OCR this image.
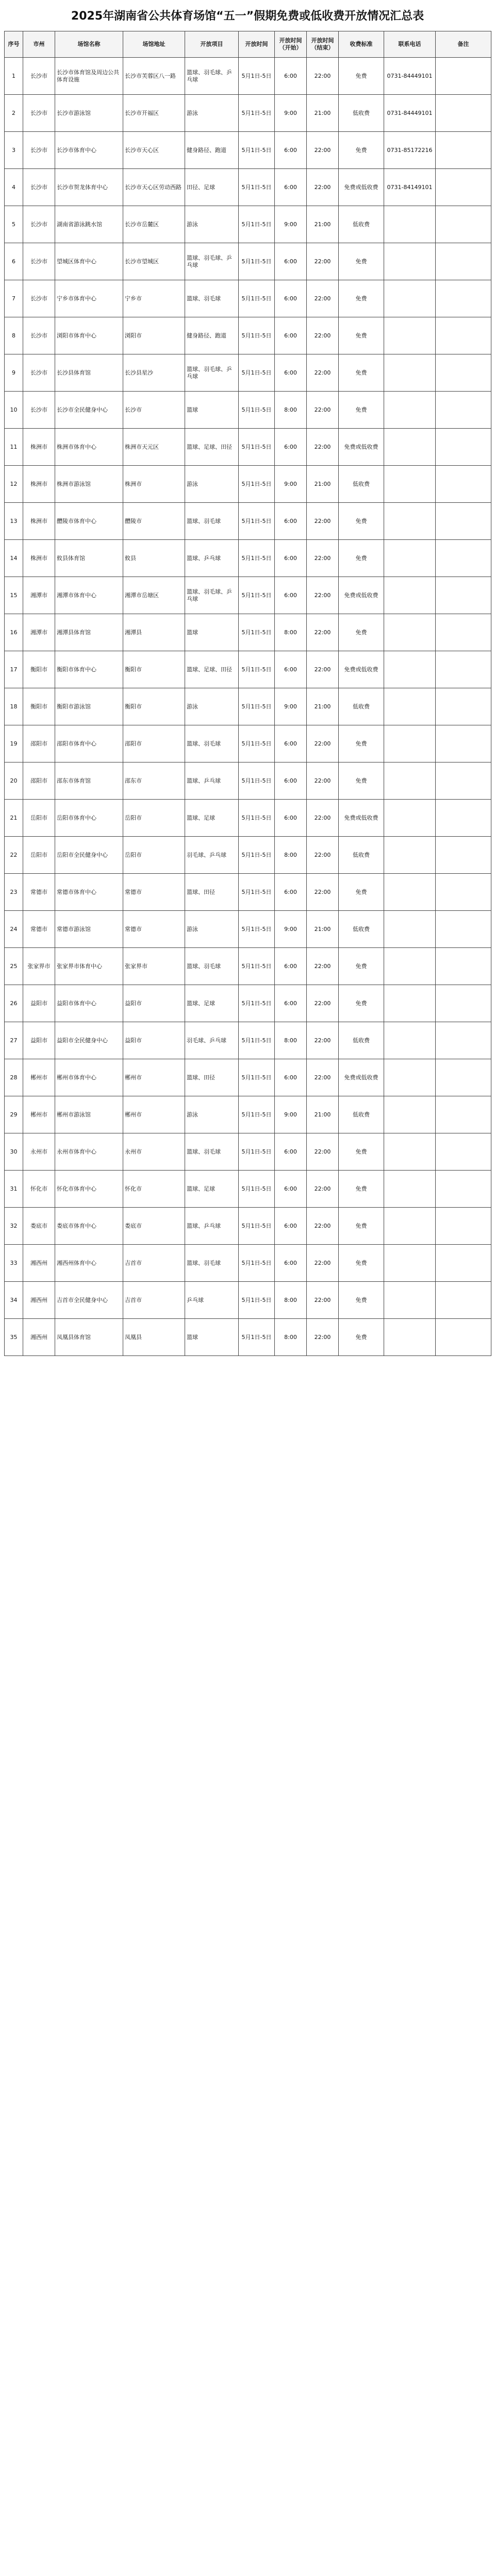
2025年湖南省公共体育场馆“五一”假期免费或低收费开放情况汇总表
序号	市州	场馆名称	场馆地址	开放项目	开放时间	开放时间（开始）	开放时间（结束）	收费标准	联系电话	备注
1	长沙市	长沙市体育馆及周边公共体育设施	长沙市芙蓉区八一路	篮球、羽毛球、乒乓球	5月1日-5日	6:00	22:00	免费	0731-84449101	
2	长沙市	长沙市游泳馆	长沙市开福区	游泳	5月1日-5日	9:00	21:00	低收费	0731-84449101	
3	长沙市	长沙市体育中心	长沙市天心区	健身路径、跑道	5月1日-5日	6:00	22:00	免费	0731-85172216	
4	长沙市	长沙市贺龙体育中心	长沙市天心区劳动西路	田径、足球	5月1日-5日	6:00	22:00	免费或低收费	0731-84149101	
5	长沙市	湖南省游泳跳水馆	长沙市岳麓区	游泳	5月1日-5日	9:00	21:00	低收费		
6	长沙市	望城区体育中心	长沙市望城区	篮球、羽毛球、乒乓球	5月1日-5日	6:00	22:00	免费		
7	长沙市	宁乡市体育中心	宁乡市	篮球、羽毛球	5月1日-5日	6:00	22:00	免费		
8	长沙市	浏阳市体育中心	浏阳市	健身路径、跑道	5月1日-5日	6:00	22:00	免费		
9	长沙市	长沙县体育馆	长沙县星沙	篮球、羽毛球、乒乓球	5月1日-5日	6:00	22:00	免费		
10	长沙市	长沙市全民健身中心	长沙市	篮球	5月1日-5日	8:00	22:00	免费		
11	株洲市	株洲市体育中心	株洲市天元区	篮球、足球、田径	5月1日-5日	6:00	22:00	免费或低收费		
12	株洲市	株洲市游泳馆	株洲市	游泳	5月1日-5日	9:00	21:00	低收费		
13	株洲市	醴陵市体育中心	醴陵市	篮球、羽毛球	5月1日-5日	6:00	22:00	免费		
14	株洲市	攸县体育馆	攸县	篮球、乒乓球	5月1日-5日	6:00	22:00	免费		
15	湘潭市	湘潭市体育中心	湘潭市岳塘区	篮球、羽毛球、乒乓球	5月1日-5日	6:00	22:00	免费或低收费		
16	湘潭市	湘潭县体育馆	湘潭县	篮球	5月1日-5日	8:00	22:00	免费		
17	衡阳市	衡阳市体育中心	衡阳市	篮球、足球、田径	5月1日-5日	6:00	22:00	免费或低收费		
18	衡阳市	衡阳市游泳馆	衡阳市	游泳	5月1日-5日	9:00	21:00	低收费		
19	邵阳市	邵阳市体育中心	邵阳市	篮球、羽毛球	5月1日-5日	6:00	22:00	免费		
20	邵阳市	邵东市体育馆	邵东市	篮球、乒乓球	5月1日-5日	6:00	22:00	免费		
21	岳阳市	岳阳市体育中心	岳阳市	篮球、足球	5月1日-5日	6:00	22:00	免费或低收费		
22	岳阳市	岳阳市全民健身中心	岳阳市	羽毛球、乒乓球	5月1日-5日	8:00	22:00	低收费		
23	常德市	常德市体育中心	常德市	篮球、田径	5月1日-5日	6:00	22:00	免费		
24	常德市	常德市游泳馆	常德市	游泳	5月1日-5日	9:00	21:00	低收费		
25	张家界市	张家界市体育中心	张家界市	篮球、羽毛球	5月1日-5日	6:00	22:00	免费		
26	益阳市	益阳市体育中心	益阳市	篮球、足球	5月1日-5日	6:00	22:00	免费		
27	益阳市	益阳市全民健身中心	益阳市	羽毛球、乒乓球	5月1日-5日	8:00	22:00	低收费		
28	郴州市	郴州市体育中心	郴州市	篮球、田径	5月1日-5日	6:00	22:00	免费或低收费		
29	郴州市	郴州市游泳馆	郴州市	游泳	5月1日-5日	9:00	21:00	低收费		
30	永州市	永州市体育中心	永州市	篮球、羽毛球	5月1日-5日	6:00	22:00	免费		
31	怀化市	怀化市体育中心	怀化市	篮球、足球	5月1日-5日	6:00	22:00	免费		
32	娄底市	娄底市体育中心	娄底市	篮球、乒乓球	5月1日-5日	6:00	22:00	免费		
33	湘西州	湘西州体育中心	吉首市	篮球、羽毛球	5月1日-5日	6:00	22:00	免费		
34	湘西州	吉首市全民健身中心	吉首市	乒乓球	5月1日-5日	8:00	22:00	免费		
35	湘西州	凤凰县体育馆	凤凰县	篮球	5月1日-5日	8:00	22:00	免费		
